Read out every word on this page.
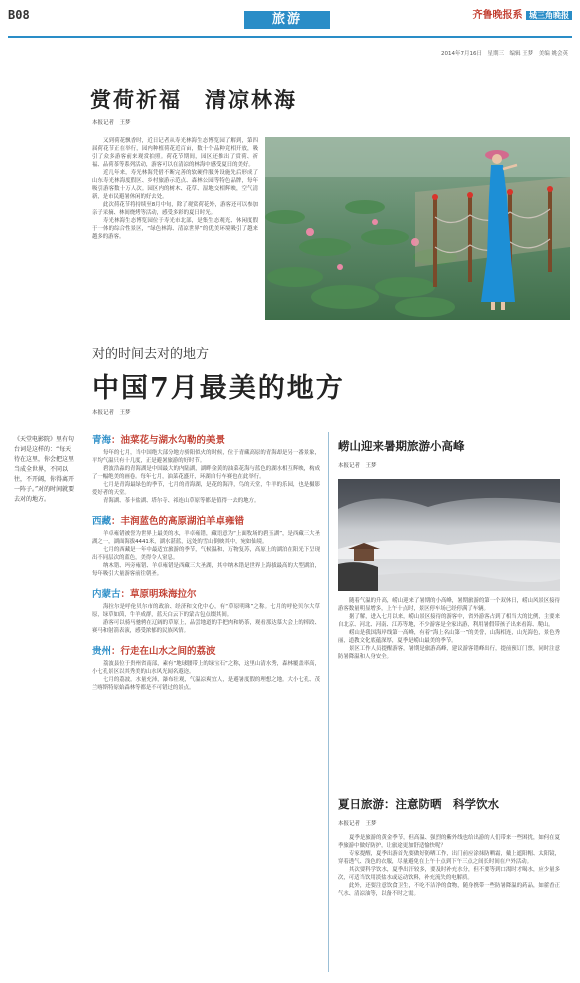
B08	旅游	齐鲁晚报系 城三角晚报
2014年7月16日　星期三　编辑 王梦　美编 姚会英
赏荷祈福　清凉林海
本报记者　王梦

又到荷花飘香时，近日记者从寿光林海生态博览园了解到，第四届荷花节正在举行，园内种植荷花近百亩，数十个品种竞相开放，吸引了众多游客前来观赏拍照。荷花节期间，园区还推出了赏荷、祈福、品荷茶等系列活动，游客可以在清凉的林海中感受夏日的美好。

近几年来，寿光林海凭借不断完善的软硬件服务设施先后形成了山东寿光林海度假区、乡村旅游示范点、森林公园等特色品牌，每年吸引游客数十万人次。园区内的树木、花草、湿地交相辉映，空气清新，是市民避暑休闲的好去处。

此次荷花节将持续至8月中旬，除了观赏荷花外，游客还可以参加亲子采摘、林间烧烤等活动，感受多彩的夏日时光。

寿光林海生态博览园位于寿光市北部，是集生态观光、休闲度假于一体的综合性景区，“绿色林海、清凉世界”的优美环境吸引了越来越多的游客。

对的时间去对的地方
中国7月最美的地方
本报记者　王梦
《天堂电影院》里有句台词是这样的：“每天待在这里，你会把这里当成全世界，不同以往，不开阔，你得离开一阵子。”对的时间就要去对的地方。
青海：油菜花与湖水勾勒的美景

每年的七月，当中国绝大部分地方骄阳似火的时候，位于青藏高原的青海却是另一番景象，平均气温只有十几度，正是避暑旅游的好时节。

碧波浩淼的青海湖是中国最大的内陆湖，湖畔金黄的油菜花海与蓝色的湖水相互辉映，构成了一幅绝美的画卷。每年七月，油菜花盛开，环湖自行车赛也在此举行。

七月是青海最绿色的季节，七月的青海湖，是花的海洋，鸟的天堂，牛羊的乐园，也是摄影爱好者的天堂。

青海湖、茶卡盐湖、塔尔寺、祁连山草原等都是值得一去的地方。

西藏：丰润蓝色的高原湖泊羊卓雍错

羊卓雍错被誉为世界上最美的水，羊卓雍错，藏语意为“上面牧场的碧玉湖”，是西藏三大圣湖之一，湖面海拔4441米，湖水湛蓝，远处的雪山倒映其中，宛如仙境。

七月的西藏是一年中最适宜旅游的季节，气候温和，万物复苏，高原上的湖泊在阳光下呈现出不同层次的蓝色，美得令人窒息。

纳木错、玛旁雍错、羊卓雍错是西藏三大圣湖，其中纳木错是世界上海拔最高的大型湖泊，每年吸引大量游客前往朝圣。

内蒙古：草原明珠海拉尔

海拉尔是呼伦贝尔市的政治、经济和文化中心，有“草原明珠”之称。七月的呼伦贝尔大草原，绿草如茵，牛羊成群，蓝天白云下的蒙古包点缀其间。

游客可以骑马驰骋在辽阔的草原上，品尝地道的手把肉和奶茶，观看那达慕大会上的摔跤、赛马和射箭表演，感受浓郁的民族风情。

贵州：行走在山水之间的荔波

荔波县位于贵州省南部，素有“地球腰带上的绿宝石”之称，这里山清水秀，森林覆盖率高，小七孔景区以其秀美的山水风光闻名遐迩。

七月的荔波，水量充沛，瀑布壮观，气温凉爽宜人，是避暑度假的理想之地。大小七孔、茂兰喀斯特原始森林等都是不可错过的景点。

崂山迎来暑期旅游小高峰
本报记者　王梦

随着气温的升高，崂山迎来了暑期的小高峰，暑期旅游的第一个双休日，崂山风景区接待游客数量明显增多，上午十点时，景区停车场已经停满了车辆。

据了解，进入七月以来，崂山景区接待的游客中，省外游客占到了相当大的比例，主要来自北京、河北、河南、江苏等地，不少游客是全家出游，利用暑假带孩子出来看海、爬山。

崂山是我国海岸线第一高峰，有着“海上名山第一”的美誉，山海相连，山光海色，景色秀丽，道教文化底蕴深厚，夏季是崂山最美的季节。

景区工作人员提醒游客，暑期是旅游高峰，建议游客错峰出行，提前预订门票，同时注意防暑降温和人身安全。

夏日旅游：注意防晒　科学饮水
本报记者　王梦

夏季是旅游的黄金季节，但高温、强烈的紫外线也给出游的人们带来一些困扰，如何在夏季旅游中做好防护，让旅途更加舒适愉快呢？

专家提醒，夏季出游首先要做好防晒工作，出门前应涂抹防晒霜，戴上遮阳帽、太阳镜，穿着透气、浅色的衣服，尽量避免在上午十点到下午三点之间长时间在户外活动。

其次要科学饮水，夏季出汗较多，要及时补充水分，但不要等到口渴时才喝水，应少量多次，可适当饮用淡盐水或运动饮料，补充流失的电解质。

此外，还要注意饮食卫生，不吃不洁净的食物，随身携带一些防暑降温的药品，如藿香正气水、清凉油等，以备不时之需。
